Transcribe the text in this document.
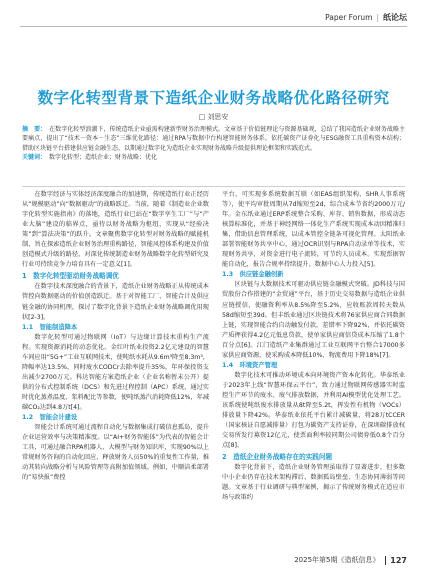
Paper Forum | 纸论坛
数字化转型背景下造纸企业财务战略优化路径研究
□ 刘思安
摘　要： 在数字化转型浪潮下，传统造纸企业亟需构建新型财务治理模式。文章基于价值链理论与资源基础观，总结了我国造纸企业财务战略主要痛点，提出了“技术－资本－生态”三维优化路径：通过RPA与数据中台构建智能财务体系，依托碳资产证券化与ESG融资工具重构资本结构；借助区块链平台搭建供应链金融生态，以期通过数字化为造纸企业实现财务战略升级提供理论框架和实践范式。
关键词： 数字化转型；造纸企业；财务战略；优化

在数字经济与实体经济深度融合的加速期，传统造纸行业正经历从“规模驱动”向“数据驱动”的战略跃迁。当前，随着《制造业企业数字化转型实施指南》的落地，造纸行业已站在“数字孪生工厂”与“产业大脑”建设的临界点，亟待以财务战略为枢纽，实现从“经验决策”到“算法决策”的跃升。文章聚焦数字化转型对财务战略的赋能机制，旨在探索造纸企业财务治理重构路径，智能风控体系构建及价值创造模式升级的路径，对深化传统制造业财务战略数字化转型研究及行业可持续竞争力培育具有一定意义[1]。

1　数字化转型驱动财务战略调优

在数字技术深度融合的背景下，造纸企业财务战略正从传统成本管控向数据驱动的价值创造跃迁。基于对智能工厂、智能合计及供应链金融的协同机理，探讨了数字化背景下造纸企业财务战略调优用现状[2-3]。

1.1　智能制造降本

数字化转型可通过物联网（IoT）与边缘计算技术重构生产流程。实现资源消耗的动态优化。金红叶纸业投资2.2亿元建设的智慧车间应用“5G+”工业互联网技术，使吨纸水耗从9.6m³降至8.3m³，降幅率达13.5%，同时废水CODCr去除率提升35%，年环保投资支出减少2700万元。科达智能方案造纸企业（企业名称暂未公开）提供的分布式控制系统（DCS）和先进过程控制（APC）系统，通过实时优化蒸煮温度、浆料配比等参数，使吨纸蒸汽消耗降低12%，年减碳CO₂达到4.8万t[4]。

1.2　智能会计建设

智能会计系统可通过流程自动化与数据集成打破信息孤岛，提升企业运营效率与决策精准度。以“AI+财务智能体”为代表的智能会计工具，可通过融合RPA机器人、大模型与财务知识库，实现90%以上常规财务咨询的自动化回应，释放财务人员50%的重复性工作量，推动其转向战略分析与风险管理等高附加值领域。例如，中顺洁柔部署的“易快报”费控

平台，可实现多系统数据互联（如EAS组织架构、SHR人事系统等），使平均审批周期从7d缩短至2d，综合成本节省约2000万元/年。金东纸业通过ERP系统整合采购、库存、销售数据，形成动态核算标准化，并基于神经网络一体化生产系统实现成本动因精准归集，借助信息管理系统，以成本管控全链条可视化管理。太阳纸业部署智能财务共享中心，通过OCR识别与RPA自动录单等技术，实现财务共享，对资金进行电子流转，可节约人员成本。实现票据智能自动化，报告合规率持续提升。数据中心人力投入[5]。

1.3　供应链金融创新

区块链与大数据技术可驱动供应链金融模式突破。JD科技与国贸股份合作搭建的“金贸通”平台，基于历史交易数据与造纸企业供应链授信，使融资利率从8.5%降至5.2%，应收账款周转天数从58d缩短至39d。但丰纸业通过区块链技术将76家供应商合同数据上链，实现智能合约自动触发付款，差错率下降92%，并依托碳资产质押获得4.2亿元低息贷款，使单家供应商信贷成本压缩了1.8个百分点[6]。江门造纸产业集群通过工业互联网平台整合17000多家供应商资源，使采购成本降低10%，物流费用下降18%[7]。

1.4　环境资产管理

数字化技术可推动环境成本向环境资产资本化转化。华泰纸业于2023年上线“智慧环保云平台”，致力通过物联网传感器实时监控生产环节的废水、废气排放数据，并利用AI模型优化处理工艺。该系统使吨纸废水排放量从8t降至5.2t，挥发性有机物（VOCs）排放量下降42%。华泰纸业依托平台累计减碳量，将28万tCCER（国家核证自愿减排量）打包为碳资产支持证券，在深圳碳排放权交易所发行募资12亿元，使票面利率较同期公司债券低0.8个百分点[8]。

2　造纸企业财务战略存在的实践问题

数字化背景下，造纸企业财务管理虽取得了显著进步，但多数中小企业仍存在技术架构滞后、数据孤岛壁垒、生态协同薄弱等问题。文章基于行业调研与典型案例，揭示了传统财务模式在适应市场与政策约

2025年第5期《造纸信息》 127
